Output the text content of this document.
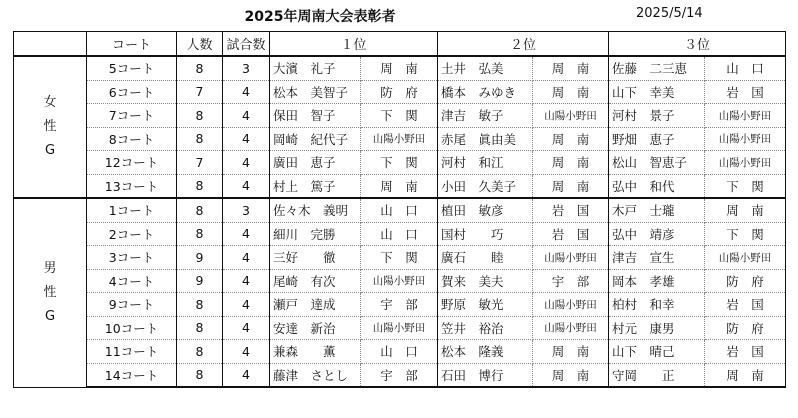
2025年周南大会表彰者	2025/5/14
	コート	人数	試合数	１位		２位		３位	

女
性
G	5コート	8	3	大濱　礼子	周　南	土井　弘美	周　南	佐藤　二三恵	山　口
	6コート	7	4	松本　美智子	防　府	橋本　みゆき	周　南	山下　幸美	岩　国
	7コート	8	4	保田　智子	下　関	津吉　敏子	山陽小野田	河村　景子	山陽小野田
	8コート	8	4	岡崎　紀代子	山陽小野田	赤尾　眞由美	周　南	野畑　恵子	山陽小野田
	12コート	7	4	廣田　恵子	下　関	河村　和江	周　南	松山　智恵子	山陽小野田
	13コート	8	4	村上　篤子	周　南	小田　久美子	周　南	弘中　和代	下　関

男
性
G	1コート	8	3	佐々木　義明	山　口	植田　敏彦	岩　国	木戸　士瓏	周　南
	2コート	8	4	細川　完勝	山　口	国村　　巧	岩　国	弘中　靖彦	下　関
	3コート	9	4	三好　　徹	下　関	廣石　　睦	山陽小野田	津吉　宣生	山陽小野田
	4コート	9	4	尾崎　有次	山陽小野田	賀来　美夫	宇　部	岡本　孝雄	防　府
	9コート	8	4	瀬戸　達成	宇　部	野原　敏光	山陽小野田	柏村　和幸	岩　国
	10コート	8	4	安達　新治	山陽小野田	笠井　裕治	山陽小野田	村元　康男	防　府
	11コート	8	4	兼森　　薫	山　口	松本　隆義	周　南	山下　晴己	岩　国
	14コート	8	4	藤津　さとし	宇　部	石田　博行	周　南	守岡　　正	周　南
